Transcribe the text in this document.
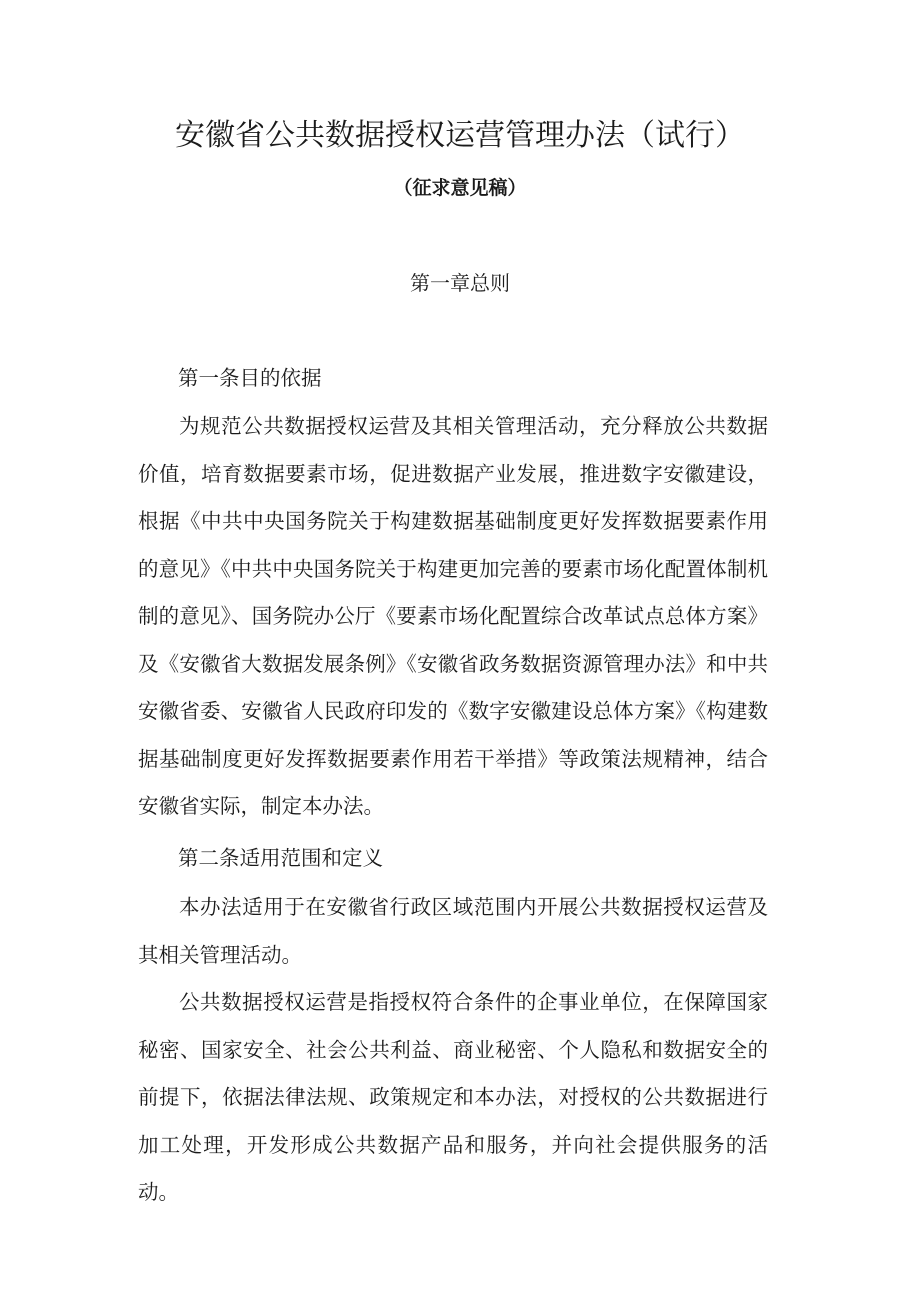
安徽省公共数据授权运营管理办法（试行）
（征求意见稿）
第一章总则
第一条目的依据

为规范公共数据授权运营及其相关管理活动，充分释放公共数据价值，培育数据要素市场，促进数据产业发展，推进数字安徽建设，根据《中共中央国务院关于构建数据基础制度更好发挥数据要素作用的意见》《中共中央国务院关于构建更加完善的要素市场化配置体制机制的意见》、国务院办公厅《要素市场化配置综合改革试点总体方案》及《安徽省大数据发展条例》《安徽省政务数据资源管理办法》和中共安徽省委、安徽省人民政府印发的《数字安徽建设总体方案》《构建数据基础制度更好发挥数据要素作用若干举措》等政策法规精神，结合安徽省实际，制定本办法。

第二条适用范围和定义

本办法适用于在安徽省行政区域范围内开展公共数据授权运营及其相关管理活动。

公共数据授权运营是指授权符合条件的企事业单位，在保障国家秘密、国家安全、社会公共利益、商业秘密、个人隐私和数据安全的前提下，依据法律法规、政策规定和本办法，对授权的公共数据进行加工处理，开发形成公共数据产品和服务，并向社会提供服务的活动。
